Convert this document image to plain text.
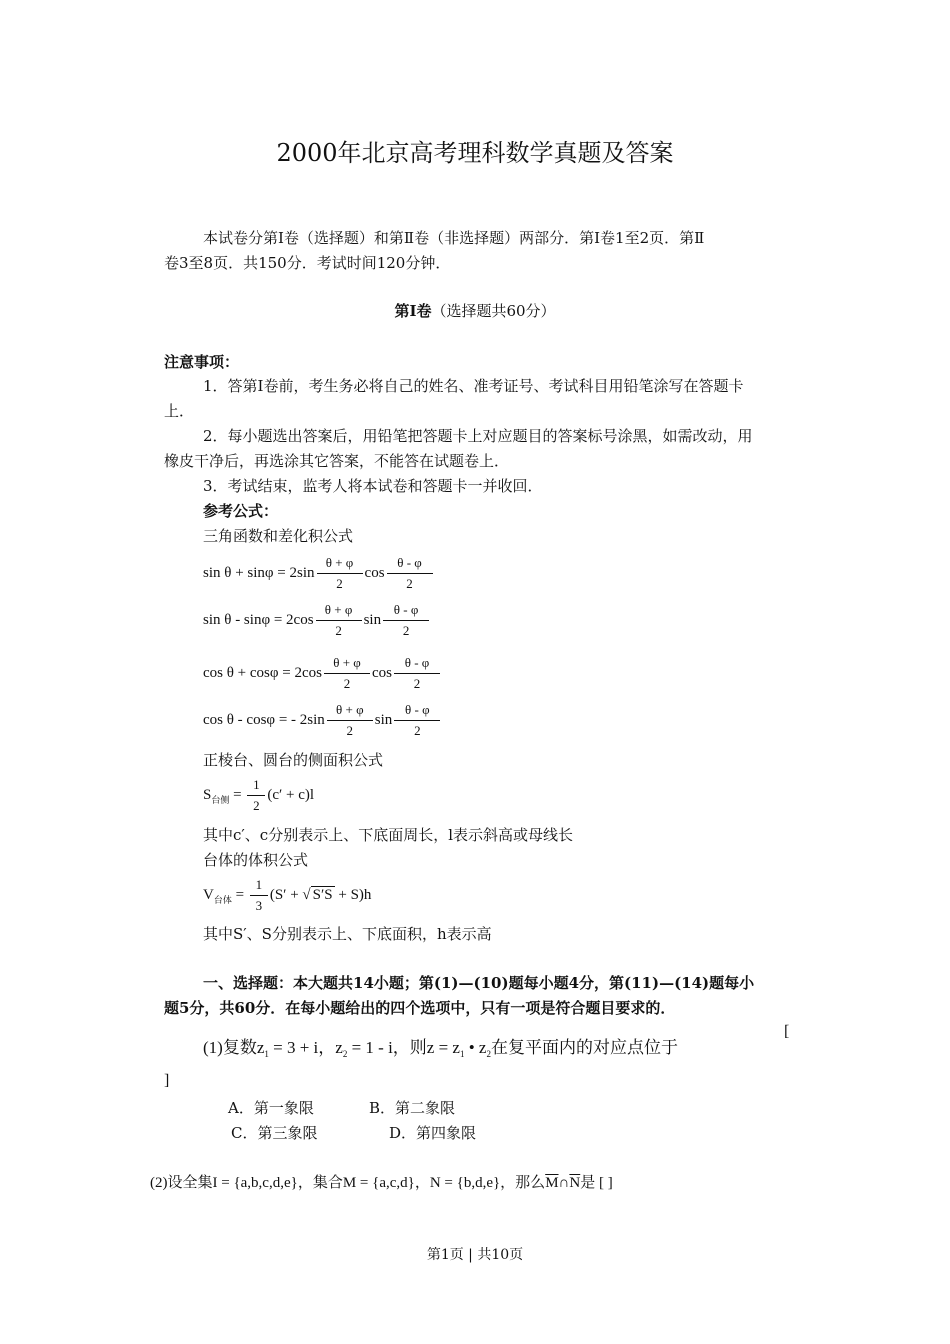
2000年北京高考理科数学真题及答案
本试卷分第Ⅰ卷（选择题）和第Ⅱ卷（非选择题）两部分．第Ⅰ卷1至2页．第Ⅱ
卷3至8页．共150分．考试时间120分钟．
第Ⅰ卷（选择题共60分）
注意事项：
1．答第Ⅰ卷前，考生务必将自己的姓名、准考证号、考试科目用铅笔涂写在答题卡
上．
2．每小题选出答案后，用铅笔把答题卡上对应题目的答案标号涂黑，如需改动，用
橡皮干净后，再选涂其它答案，不能答在试题卷上．
3．考试结束，监考人将本试卷和答题卡一并收回．
参考公式：
三角函数和差化积公式
$\sin \theta + \sin\varphi = 2\sin \frac{\theta + \varphi}{2}$ $\cos \frac{\theta - \varphi}{2}$
$\sin \theta - \sin\varphi = 2\cos \frac{\theta + \varphi}{2}$ $\sin \frac{\theta - \varphi}{2}$
$\cos \theta + \cos\varphi = 2\cos \frac{\theta + \varphi}{2}$ $\cos \frac{\theta - \varphi}{2}$
cos θ - cosφ = - $2\sin \frac{\theta + \varphi}{2}$ $\sin \frac{\theta - \varphi}{2}$
正棱台、圆台的侧面积公式
$S_{台侧} = \frac{1}{2} (c' + c)l$
其中c′、c分别表示上、下底面周长，l表示斜高或母线长
台体的体积公式
$V_{台体} = \frac{1}{3} (S'$ + √ S′S + S)h
其中S′、S分别表示上、下底面积，h表示高
一、选择题：本大题共14小题；第(1)—(10)题每小题4分，第(11)—(14)题每小
题5分，共60分．在每小题给出的四个选项中，只有一项是符合题目要求的．
(1)复数$z_1 = 3 + i$，$z_2 = 1 - i$，则$z = z_1$ • $z_2$在复平面内的对应点位于
[
]
A．第一象限	B．第二象限
C．第三象限	D．第四象限
(2)设全集I = {a,b,c,d,e}，集合M = {a,c,d}，N = {b,d,e}，那么$\overline{M}\cap\overline{N}$是 [ ]
第1页 | 共10页
